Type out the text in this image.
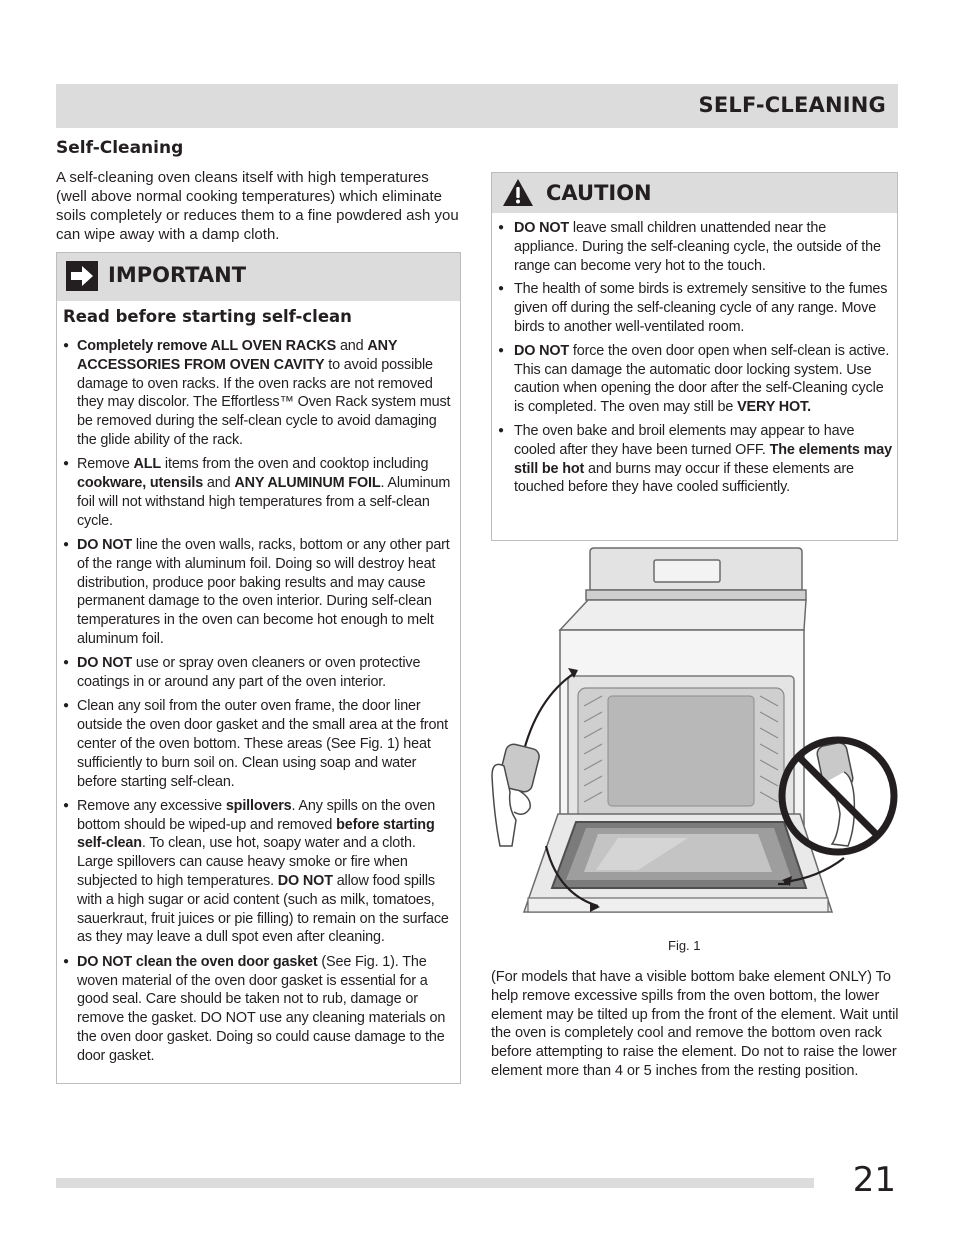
SELF-CLEANING
Self-Cleaning

A self-cleaning oven cleans itself with high temperatures (well above normal cooking temperatures) which eliminate soils completely or reduces them to a fine powdered ash you can wipe away with a damp cloth.

IMPORTANT
Read before starting self-clean
● Completely remove ALL OVEN RACKS and ANY ACCESSORIES FROM OVEN CAVITY to avoid possible damage to oven racks. If the oven racks are not removed they may discolor. The Effortless™ Oven Rack system must be removed during the self-clean cycle to avoid damaging the glide ability of the rack.
● Remove ALL items from the oven and cooktop including cookware, utensils and ANY ALUMINUM FOIL. Aluminum foil will not withstand high temperatures from a self-clean cycle.
● DO NOT line the oven walls, racks, bottom or any other part of the range with aluminum foil. Doing so will destroy heat distribution, produce poor baking results and may cause permanent damage to the oven interior. During self-clean temperatures in the oven can become hot enough to melt aluminum foil.
● DO NOT use or spray oven cleaners or oven protective coatings in or around any part of the oven interior.
● Clean any soil from the outer oven frame, the door liner outside the oven door gasket and the small area at the front center of the oven bottom. These areas (See Fig. 1) heat sufficiently to burn soil on. Clean using soap and water before starting self-clean.
● Remove any excessive spillovers. Any spills on the oven bottom should be wiped-up and removed before starting self-clean. To clean, use hot, soapy water and a cloth. Large spillovers can cause heavy smoke or fire when subjected to high temperatures. DO NOT allow food spills with a high sugar or acid content (such as milk, tomatoes, sauerkraut, fruit juices or pie filling) to remain on the surface as they may leave a dull spot even after cleaning.
● DO NOT clean the oven door gasket (See Fig. 1). The woven material of the oven door gasket is essential for a good seal. Care should be taken not to rub, damage or remove the gasket. DO NOT use any cleaning materials on the oven door gasket. Doing so could cause damage to the door gasket.
CAUTION
● DO NOT leave small children unattended near the appliance. During the self-cleaning cycle, the outside of the range can become very hot to the touch.
● The health of some birds is extremely sensitive to the fumes given off during the self-cleaning cycle of any range. Move birds to another well-ventilated room.
● DO NOT force the oven door open when self-clean is active. This can damage the automatic door locking system. Use caution when opening the door after the self-Cleaning cycle is completed. The oven may still be VERY HOT.
● The oven bake and broil elements may appear to have cooled after they have been turned OFF. The elements may still be hot and burns may occur if these elements are touched before they have cooled sufficiently.
Fig. 1

(For models that have a visible bottom bake element ONLY) To help remove excessive spills from the oven bottom, the lower element may be tilted up from the front of the element. Wait until the oven is completely cool and remove the bottom oven rack before attempting to raise the element. Do not to raise the lower element more than 4 or 5 inches from the resting position.

21
